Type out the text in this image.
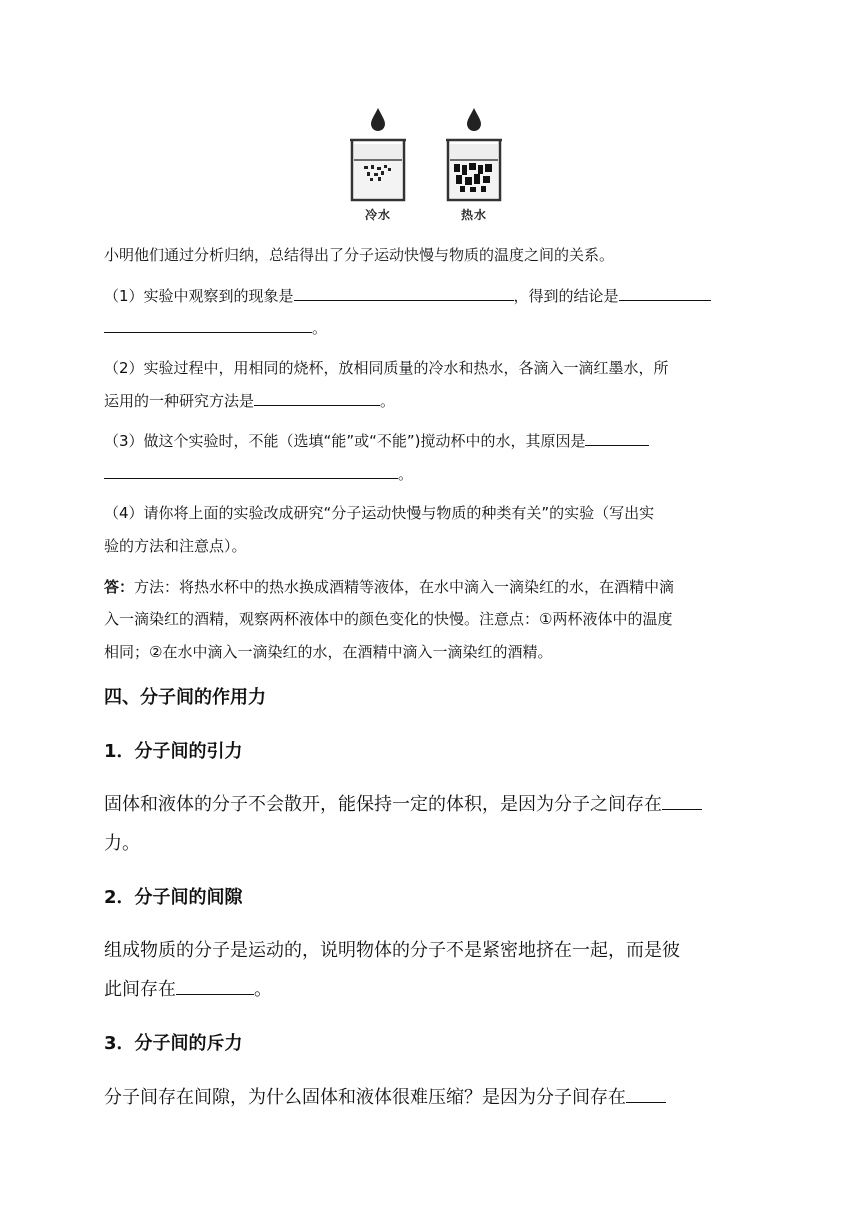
冷水	热水
小明他们通过分析归纳，总结得出了分子运动快慢与物质的温度之间的关系。
（1）实验中观察到的现象是	，得到的结论是
。
（2）实验过程中，用相同的烧杯，放相同质量的冷水和热水，各滴入一滴红墨水，所
运用的一种研究方法是	。
（3）做这个实验时，不能（选填“能”或“不能”)搅动杯中的水，其原因是
。
（4）请你将上面的实验改成研究“分子运动快慢与物质的种类有关”的实验（写出实
验的方法和注意点）。
答：方法：将热水杯中的热水换成酒精等液体，在水中滴入一滴染红的水，在酒精中滴
入一滴染红的酒精，观察两杯液体中的颜色变化的快慢。注意点：①两杯液体中的温度
相同；②在水中滴入一滴染红的水，在酒精中滴入一滴染红的酒精。
四、分子间的作用力
1．分子间的引力
固体和液体的分子不会散开，能保持一定的体积，是因为分子之间存在
力。
2．分子间的间隙
组成物质的分子是运动的，说明物体的分子不是紧密地挤在一起，而是彼
此间存在	。
3．分子间的斥力
分子间存在间隙，为什么固体和液体很难压缩？是因为分子间存在
